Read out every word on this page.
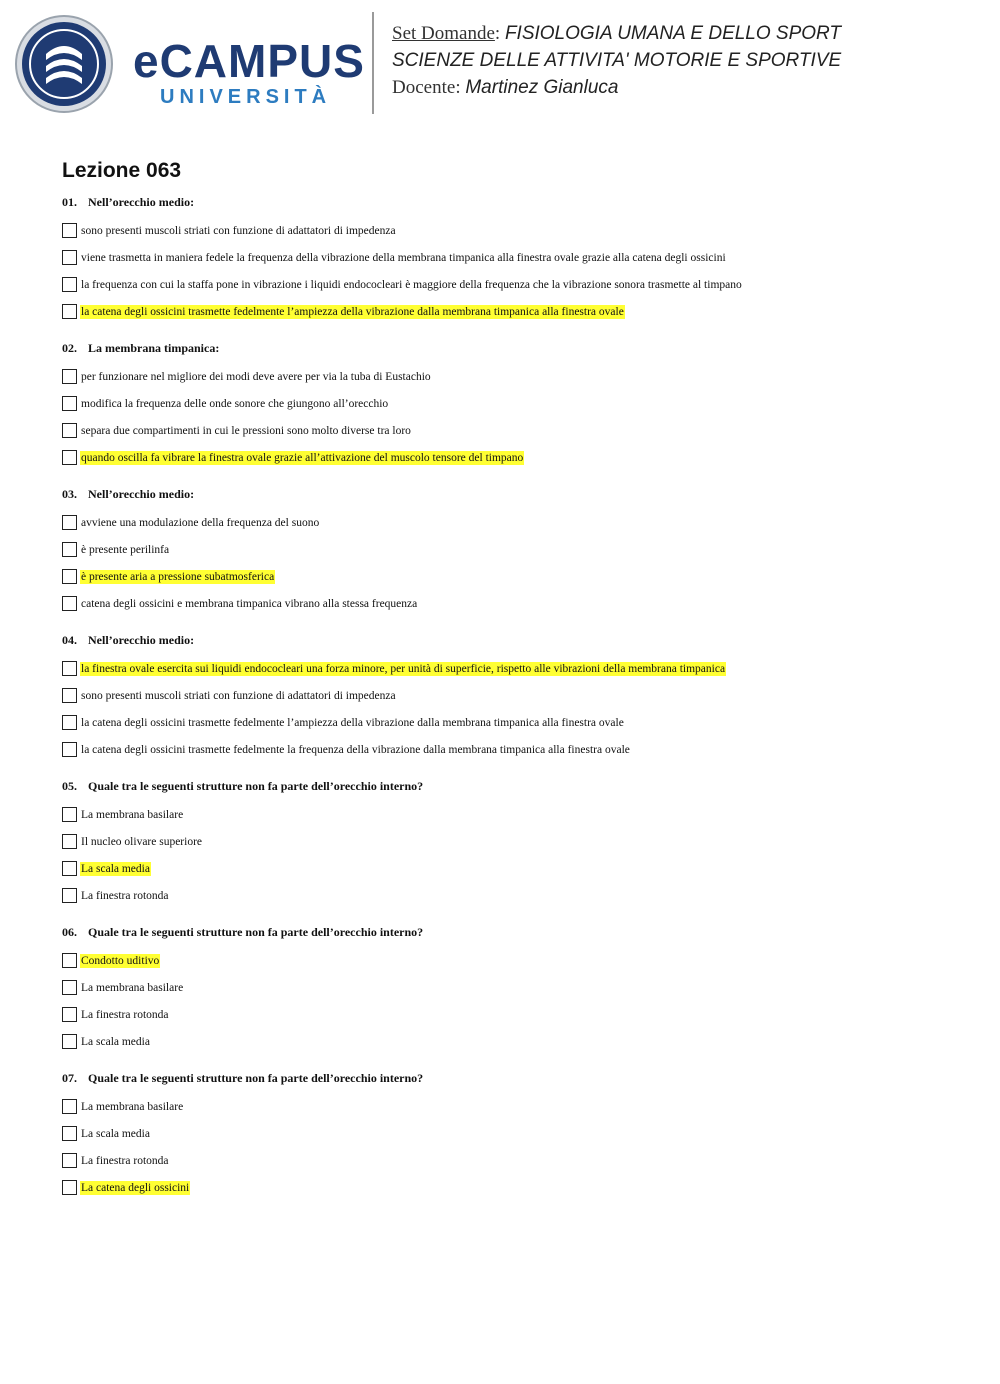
eCAMPUS
UNIVERSITÀ
Set Domande: FISIOLOGIA UMANA E DELLO SPORT
SCIENZE DELLE ATTIVITA' MOTORIE E SPORTIVE
Docente: Martinez Gianluca
Lezione 063
01. Nell’orecchio medio:
sono presenti muscoli striati con funzione di adattatori di impedenza
viene trasmetta in maniera fedele la frequenza della vibrazione della membrana timpanica alla finestra ovale grazie alla catena degli ossicini
la frequenza con cui la staffa pone in vibrazione i liquidi endococleari è maggiore della frequenza che la vibrazione sonora trasmette al timpano
la catena degli ossicini trasmette fedelmente l’ampiezza della vibrazione dalla membrana timpanica alla finestra ovale
02. La membrana timpanica:
per funzionare nel migliore dei modi deve avere per via la tuba di Eustachio
modifica la frequenza delle onde sonore che giungono all’orecchio
separa due compartimenti in cui le pressioni sono molto diverse tra loro
quando oscilla fa vibrare la finestra ovale grazie all’attivazione del muscolo tensore del timpano
03. Nell’orecchio medio:
avviene una modulazione della frequenza del suono
è presente perilinfa
è presente aria a pressione subatmosferica
catena degli ossicini e membrana timpanica vibrano alla stessa frequenza
04. Nell’orecchio medio:
la finestra ovale esercita sui liquidi endococleari una forza minore, per unità di superficie, rispetto alle vibrazioni della membrana timpanica
sono presenti muscoli striati con funzione di adattatori di impedenza
la catena degli ossicini trasmette fedelmente l’ampiezza della vibrazione dalla membrana timpanica alla finestra ovale
la catena degli ossicini trasmette fedelmente la frequenza della vibrazione dalla membrana timpanica alla finestra ovale
05. Quale tra le seguenti strutture non fa parte dell’orecchio interno?
La membrana basilare
Il nucleo olivare superiore
La scala media
La finestra rotonda
06. Quale tra le seguenti strutture non fa parte dell’orecchio interno?
Condotto uditivo
La membrana basilare
La finestra rotonda
La scala media
07. Quale tra le seguenti strutture non fa parte dell’orecchio interno?
La membrana basilare
La scala media
La finestra rotonda
La catena degli ossicini
